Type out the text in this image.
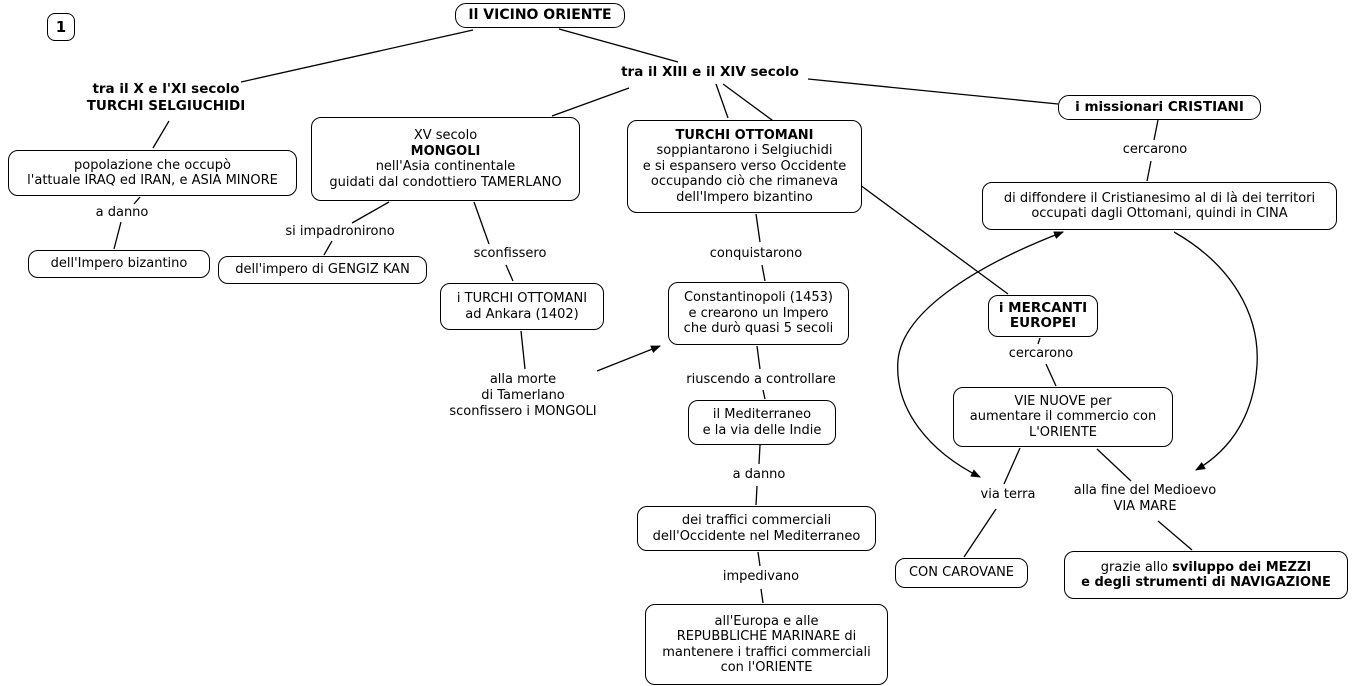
1
Il VICINO ORIENTE
tra il X e l'XI secolo
TURCHI SELGIUCHIDI
tra il XIII e il XIV secolo
popolazione che occupò
l'attuale IRAQ ed IRAN, e ASIA MINORE
dell'Impero bizantino	dell'impero di GENGIZ KAN
XV secolo
MONGOLI
nell'Asia continentale
guidati dal condottiero TAMERLANO
i TURCHI OTTOMANI
ad Ankara (1402)
TURCHI OTTOMANI
soppiantarono i Selgiuchidi
e si espansero verso Occidente
occupando ciò che rimaneva
dell'Impero bizantino
Constantinopoli (1453)
e crearono un Impero
che durò quasi 5 secoli
il Mediterraneo
e la via delle Indie
dei traffici commerciali
dell'Occidente nel Mediterraneo
all'Europa e alle
REPUBBLICHE MARINARE di
mantenere i traffici commerciali
con l'ORIENTE
i missionari CRISTIANI
di diffondere il Cristianesimo al di là dei territori
occupati dagli Ottomani, quindi in CINA
i MERCANTI
EUROPEI
VIE NUOVE per
aumentare il commercio con
L'ORIENTE
CON CAROVANE	grazie allo sviluppo dei MEZZI
e degli strumenti di NAVIGAZIONE
a danno
si impadronirono
sconfissero	conquistarono
alla morte
di Tamerlano
sconfissero i MONGOLI
riuscendo a controllare
a danno
impedivano
cercarono
cercarono
via terra	alla fine del Medioevo
VIA MARE
